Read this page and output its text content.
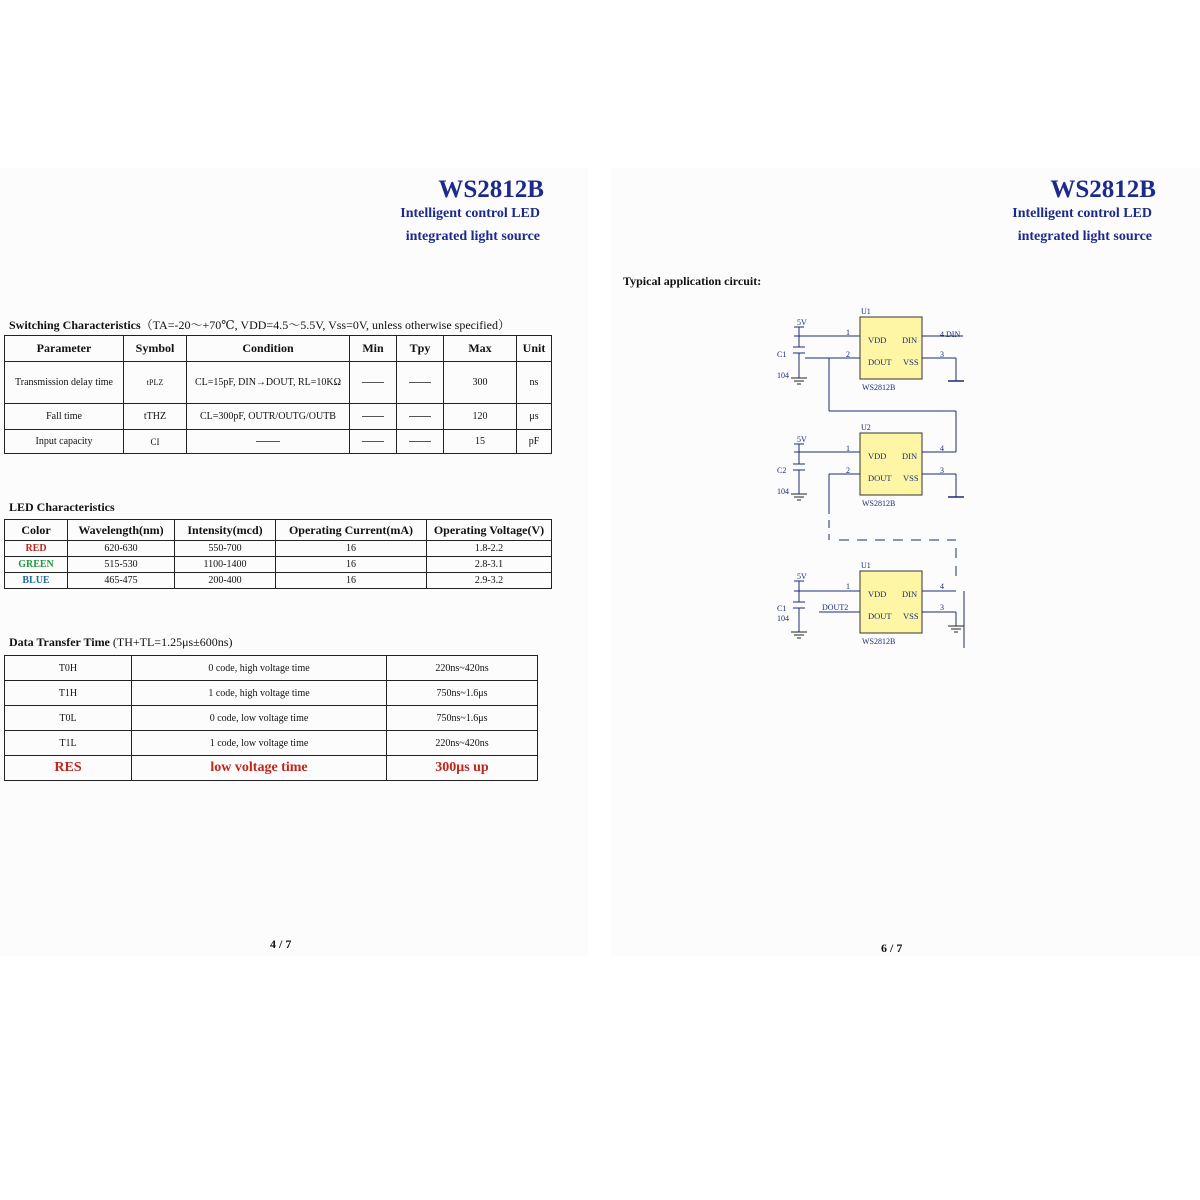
WS2812B
Intelligent control LED
integrated light source
Switching Characteristics（TA=-20～+70℃, VDD=4.5～5.5V, Vss=0V, unless otherwise specified）
Parameter	Symbol	Condition	Min	Tpy	Max	Unit
Transmission delay time	tPLZ	CL=15pF, DIN→DOUT, RL=10KΩ			300	ns
Fall time	tTHZ	CL=300pF, OUTR/OUTG/OUTB			120	μs
Input capacity	CI				15	pF
LED Characteristics
Color	Wavelength(nm)	Intensity(mcd)	Operating Current(mA)	Operating Voltage(V)
RED	620-630	550-700	16	1.8-2.2
GREEN	515-530	1100-1400	16	2.8-3.1
BLUE	465-475	200-400	16	2.9-3.2
Data Transfer Time (TH+TL=1.25μs±600ns)
T0H	0 code, high voltage time	220ns~420ns
T1H	1 code, high voltage time	750ns~1.6μs
T0L	0 code, low voltage time	750ns~1.6μs
T1L	1 code, low voltage time	220ns~420ns
RES	low voltage time	300μs up
4 / 7
WS2812B
Intelligent control LED
integrated light source
Typical application circuit:
U1
5V
C1
104
1
2
4 DIN
3
WS2812B
U2
5V
C2
104
1
2
4
3
WS2812B
U1
5V
C1
104
1
DOUT2
4
3
WS2812B
VDD DIN
DOUT VSS
VDD DIN
DOUT VSS
VDD DIN
DOUT VSS
6 / 7
